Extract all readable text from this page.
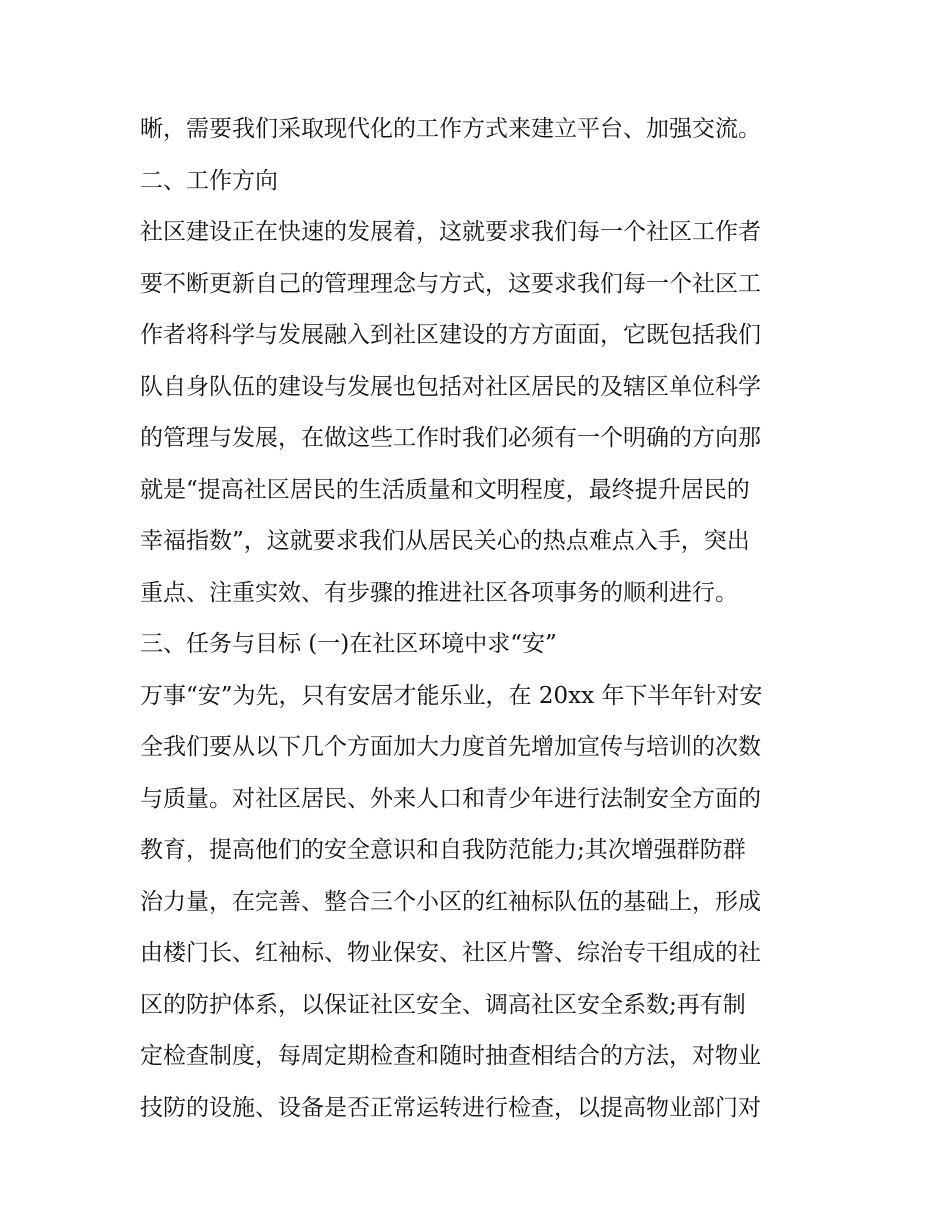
晰，需要我们采取现代化的工作方式来建立平台、加强交流。
二、工作方向
社区建设正在快速的发展着，这就要求我们每一个社区工作者
要不断更新自己的管理理念与方式，这要求我们每一个社区工
作者将科学与发展融入到社区建设的方方面面，它既包括我们
队自身队伍的建设与发展也包括对社区居民的及辖区单位科学
的管理与发展，在做这些工作时我们必须有一个明确的方向那
就是“提高社区居民的生活质量和文明程度，最终提升居民的
幸福指数”，这就要求我们从居民关心的热点难点入手，突出
重点、注重实效、有步骤的推进社区各项事务的顺利进行。
三、任务与目标 (一)在社区环境中求“安”
万事“安”为先，只有安居才能乐业，在 20xx 年下半年针对安
全我们要从以下几个方面加大力度首先增加宣传与培训的次数
与质量。对社区居民、外来人口和青少年进行法制安全方面的
教育，提高他们的安全意识和自我防范能力;其次增强群防群
治力量，在完善、整合三个小区的红袖标队伍的基础上，形成
由楼门长、红袖标、物业保安、社区片警、综治专干组成的社
区的防护体系，以保证社区安全、调高社区安全系数;再有制
定检查制度，每周定期检查和随时抽查相结合的方法，对物业
技防的设施、设备是否正常运转进行检查，以提高物业部门对
